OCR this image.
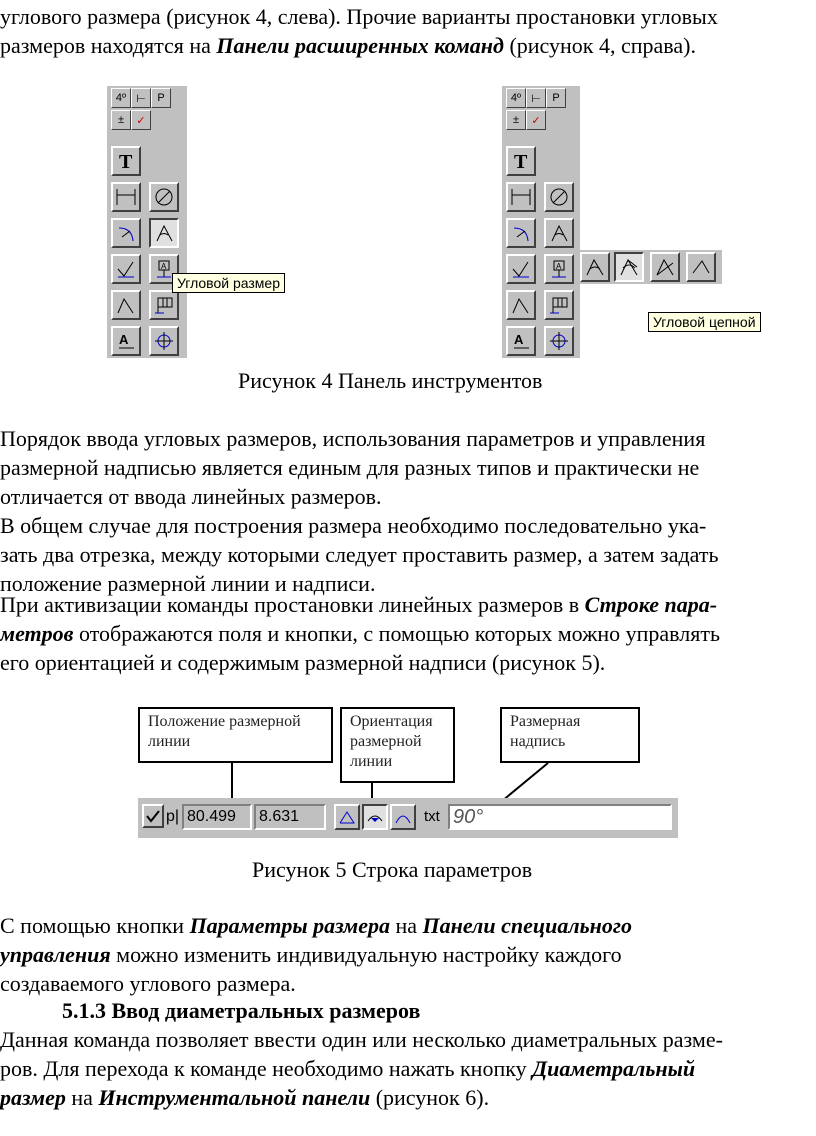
углового размера (рисунок 4, слева). Прочие варианты простановки угловых

размеров находятся на Панели расширенных команд (рисунок 4, справа).

4º ⊢	P
±	✓
T
A
A
Угловой размер
4º ⊢	P
±	✓
T
A
A
Угловой цепной
Рисунок 4 Панель инструментов

Порядок ввода угловых размеров, использования параметров и управления

размерной надписью является единым для разных типов и практически не

отличается от ввода линейных размеров.

В общем случае для построения размера необходимо последовательно ука-

зать два отрезка, между которыми следует проставить размер, а затем задать

положение размерной линии и надписи.

При активизации команды простановки линейных размеров в Строке пара-

метров отображаются поля и кнопки, с помощью которых можно управлять

его ориентацией и содержимым размерной надписи (рисунок 5).

Положение размерной
линии
Ориентация
размерной
линии
Размерная
надпись
p| 80.499	8.631	txt 90°
Рисунок 5 Строка параметров

С помощью кнопки Параметры размера на Панели специального

управления можно изменить индивидуальную настройку каждого

создаваемого углового размера.

5.1.3 Ввод диаметральных размеров

Данная команда позволяет ввести один или несколько диаметральных разме-

ров. Для перехода к команде необходимо нажать кнопку Диаметральный

размер на Инструментальной панели (рисунок 6).
